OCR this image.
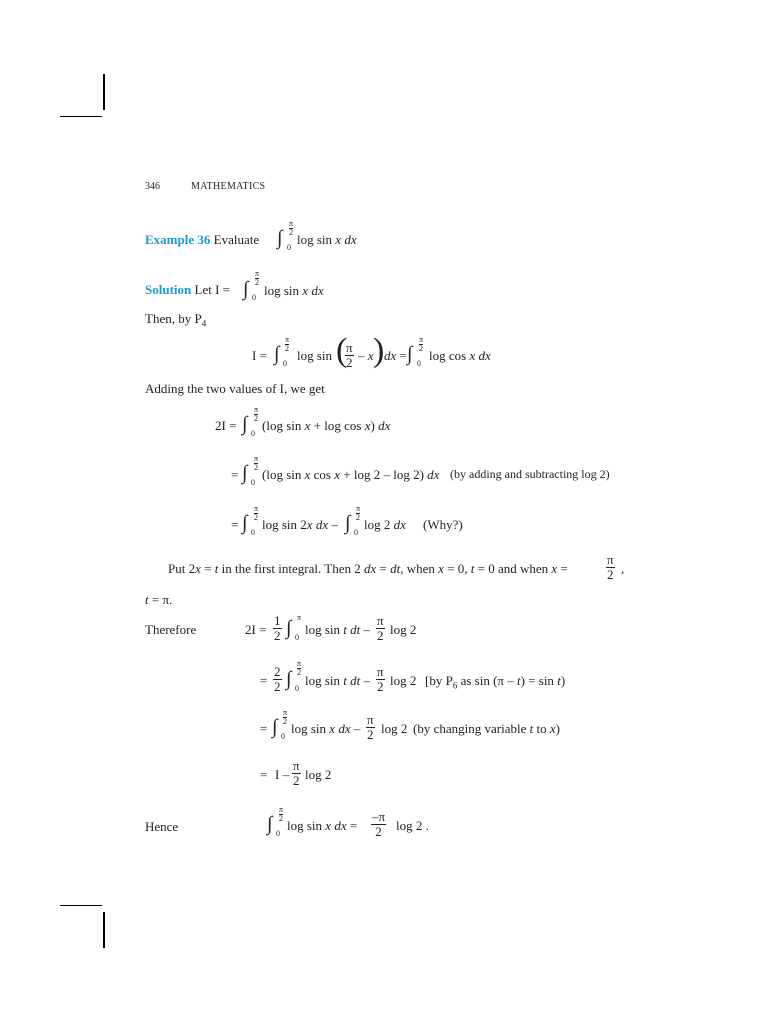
346	MATHEMATICS
Example 36 Evaluate ∫
π
2
0
log sin x dx
Solution Let I = ∫
π
2
0 log sin x dx
Then, by $P_4$
I = ∫
π
2
0
log sin (
$\frac{\pi}{2}$ – x ) dx = ∫
π
2
0
log cos x dx
Adding the two values of I, we get
2I = ∫
π
2
0
(log sin x + log cos x) dx
= ∫
π
2
0
(log sin x cos x + log 2 – log 2) dx (by adding and subtracting log 2)
= ∫
π
2
0
log sin 2x dx – ∫
π
2
0
log 2 dx (Why?)
Put 2x = t in the first integral. Then 2 dx = dt, when x = 0, t = 0 and when x =	$\frac{\pi}{2}$ ,
t = π.
Therefore	$2I = \frac{1}{2}$ ∫ π
0
log sin t dt – $\frac{\pi}{2}$ log 2
= $\frac{2}{2}$ ∫
π
2
0
log sin t dt – $\frac{\pi}{2}$ log 2 [by $P_6$ as sin (π – t) = sin t)
= ∫
π
2
0
log sin x dx – $\frac{\pi}{2}$ log 2 (by changing variable t to x)
= I – $\frac{\pi}{2}$ log 2
Hence	∫
π
2
0
log sin x dx = $\frac{-\pi}{2}$ log 2 .
